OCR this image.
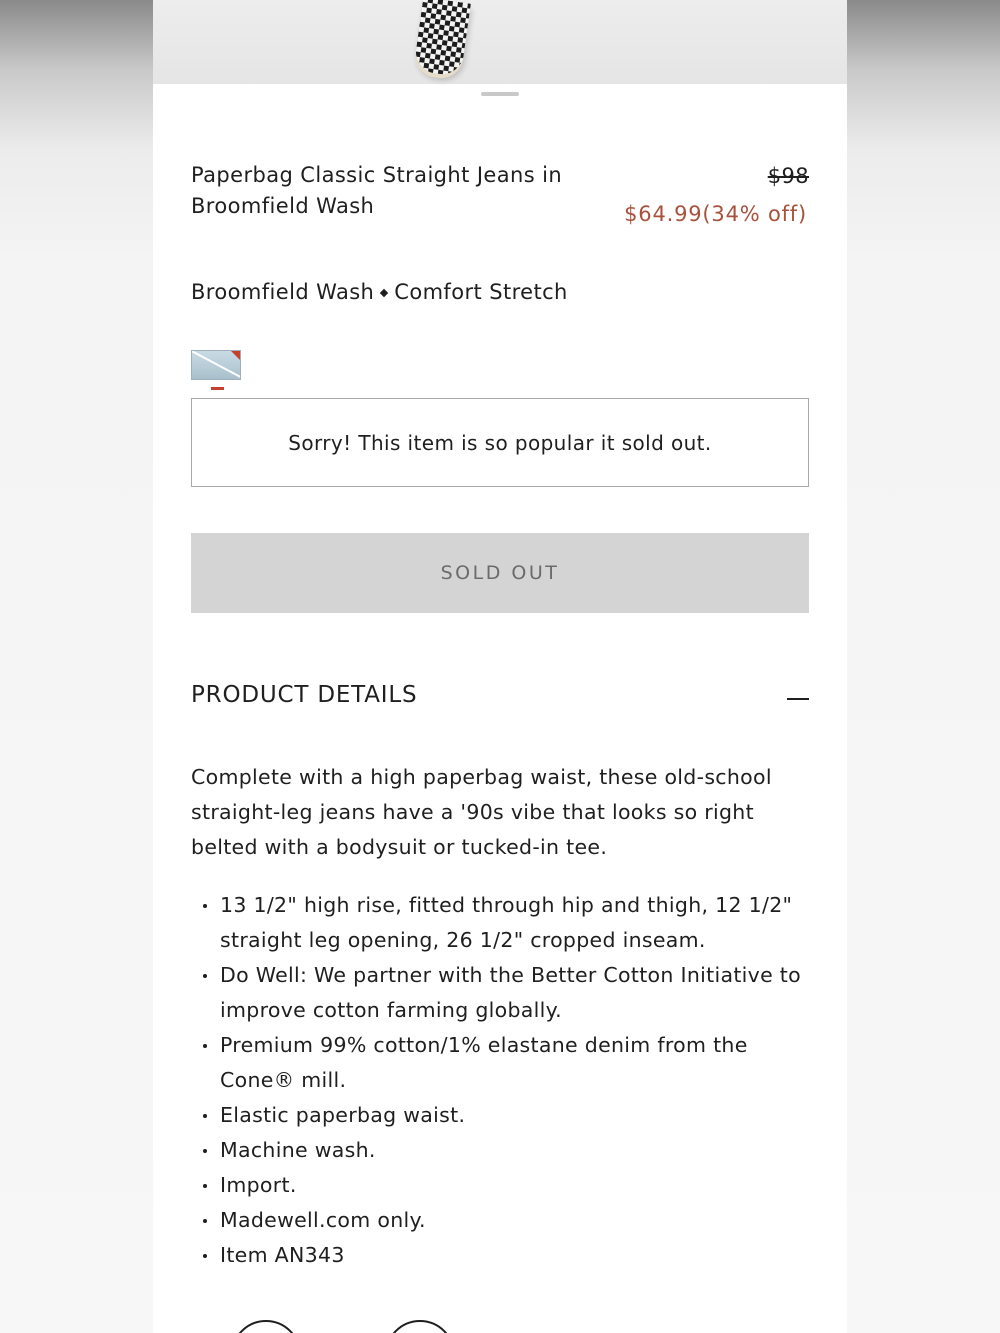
Paperbag Classic Straight Jeans in
Broomfield Wash
$98
$64.99(34% off)
Broomfield Wash Comfort Stretch
Sorry! This item is so popular it sold out.
SOLD OUT
PRODUCT DETAILS

Complete with a high paperbag waist, these old-school straight-leg jeans have a '90s vibe that looks so right belted with a bodysuit or tucked-in tee.

13 1/2" high rise, fitted through hip and thigh, 12 1/2" straight leg opening, 26 1/2" cropped inseam.
Do Well: We partner with the Better Cotton Initiative to improve cotton farming globally.
Premium 99% cotton/1% elastane denim from the Cone® mill.
Elastic paperbag waist.
Machine wash.
Import.
Madewell.com only.
Item AN343
